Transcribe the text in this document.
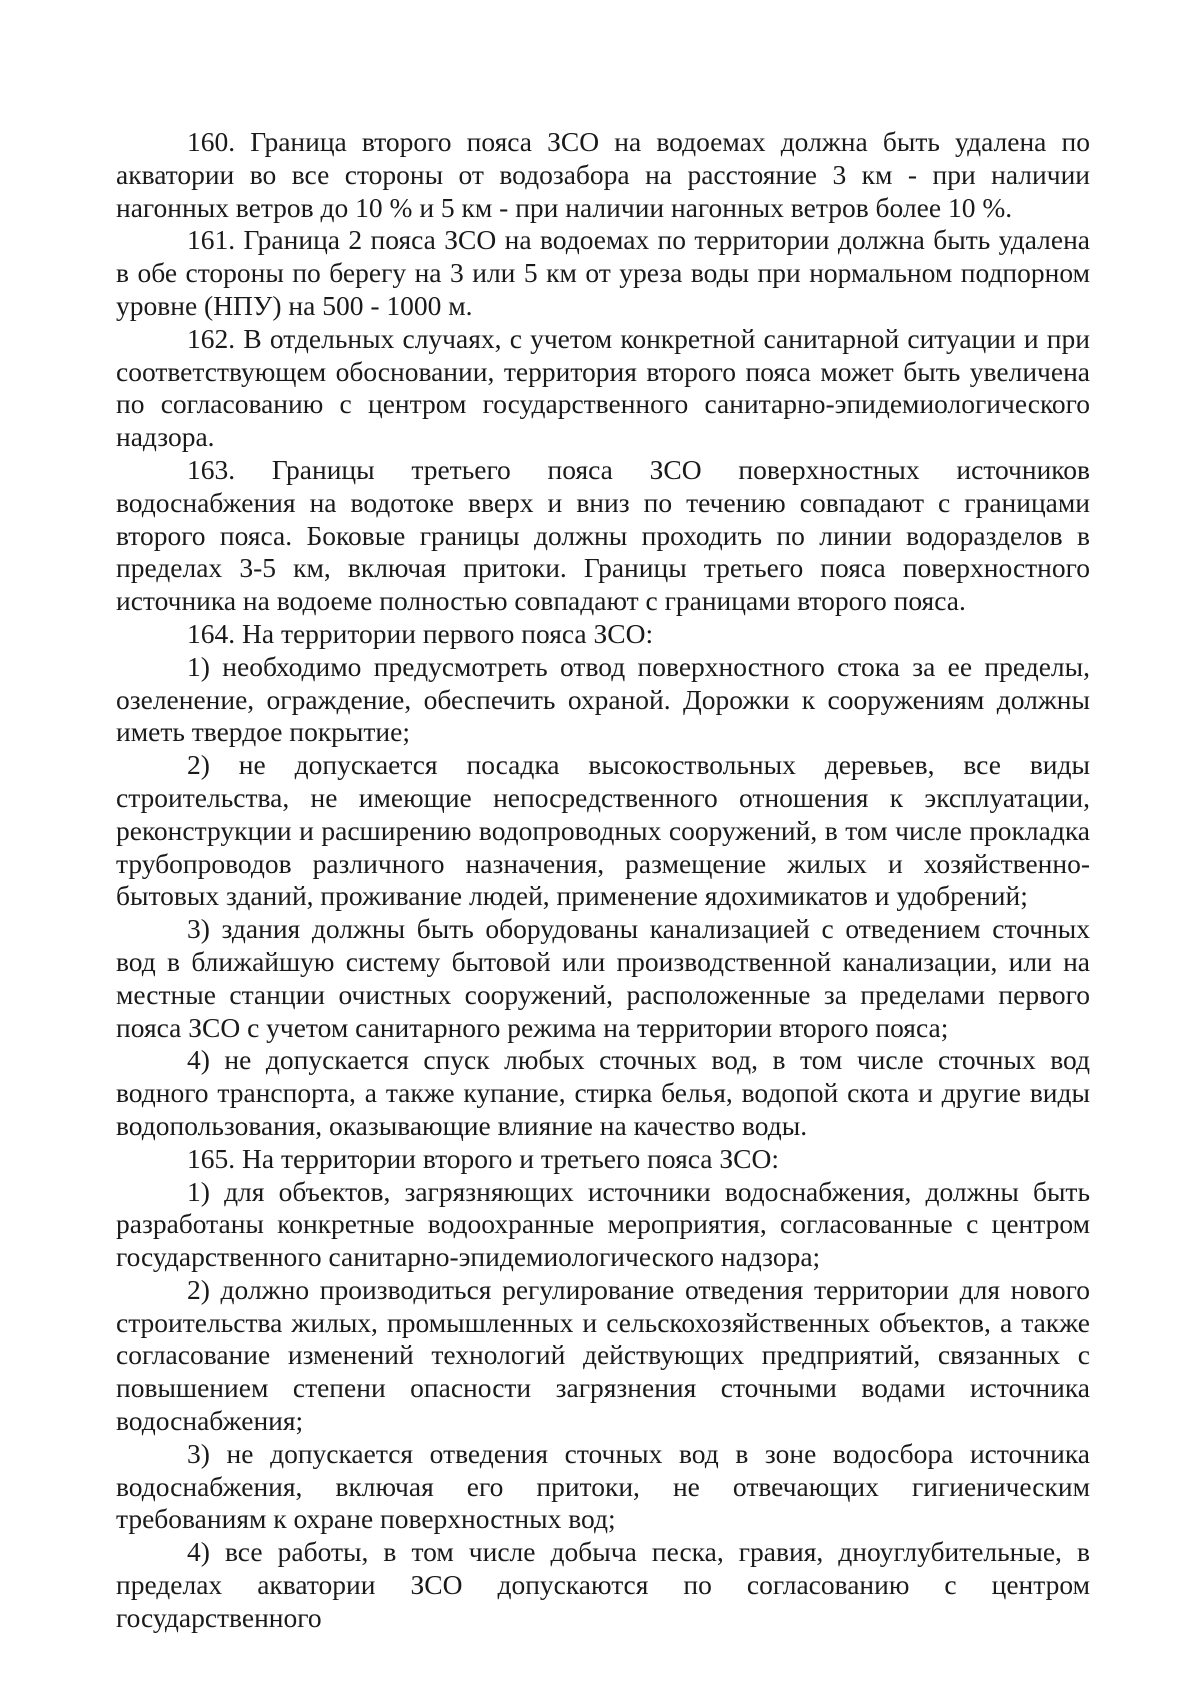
160. Граница второго пояса ЗСО на водоемах должна быть удалена по акватории во все стороны от водозабора на расстояние 3 км - при наличии нагонных ветров до 10 % и 5 км - при наличии нагонных ветров более 10 %.

161. Граница 2 пояса ЗСО на водоемах по территории должна быть удалена в обе стороны по берегу на 3 или 5 км от уреза воды при нормальном подпорном уровне (НПУ) на 500 - 1000 м.

162. В отдельных случаях, с учетом конкретной санитарной ситуации и при соответствующем обосновании, территория второго пояса может быть увеличена по согласованию с центром государственного санитарно-эпидемиологического надзора.

163. Границы третьего пояса ЗСО поверхностных источников водоснабжения на водотоке вверх и вниз по течению совпадают с границами второго пояса. Боковые границы должны проходить по линии водоразделов в пределах 3-5 км, включая притоки. Границы третьего пояса поверхностного источника на водоеме полностью совпадают с границами второго пояса.

164. На территории первого пояса ЗСО:

1) необходимо предусмотреть отвод поверхностного стока за ее пределы, озеленение, ограждение, обеспечить охраной. Дорожки к сооружениям должны иметь твердое покрытие;

2) не допускается посадка высокоствольных деревьев, все виды строительства, не имеющие непосредственного отношения к эксплуатации, реконструкции и расширению водопроводных сооружений, в том числе прокладка трубопроводов различного назначения, размещение жилых и хозяйственно-бытовых зданий, проживание людей, применение ядохимикатов и удобрений;

3) здания должны быть оборудованы канализацией с отведением сточных вод в ближайшую систему бытовой или производственной канализации, или на местные станции очистных сооружений, расположенные за пределами первого пояса ЗСО с учетом санитарного режима на территории второго пояса;

4) не допускается спуск любых сточных вод, в том числе сточных вод водного транспорта, а также купание, стирка белья, водопой скота и другие виды водопользования, оказывающие влияние на качество воды.

165. На территории второго и третьего пояса ЗСО:

1) для объектов, загрязняющих источники водоснабжения, должны быть разработаны конкретные водоохранные мероприятия, согласованные с центром государственного санитарно-эпидемиологического надзора;

2) должно производиться регулирование отведения территории для нового строительства жилых, промышленных и сельскохозяйственных объектов, а также согласование изменений технологий действующих предприятий, связанных с повышением степени опасности загрязнения сточными водами источника водоснабжения;

3) не допускается отведения сточных вод в зоне водосбора источника водоснабжения, включая его притоки, не отвечающих гигиеническим требованиям к охране поверхностных вод;

4) все работы, в том числе добыча песка, гравия, дноуглубительные, в пределах акватории ЗСО допускаются по согласованию с центром государственного
